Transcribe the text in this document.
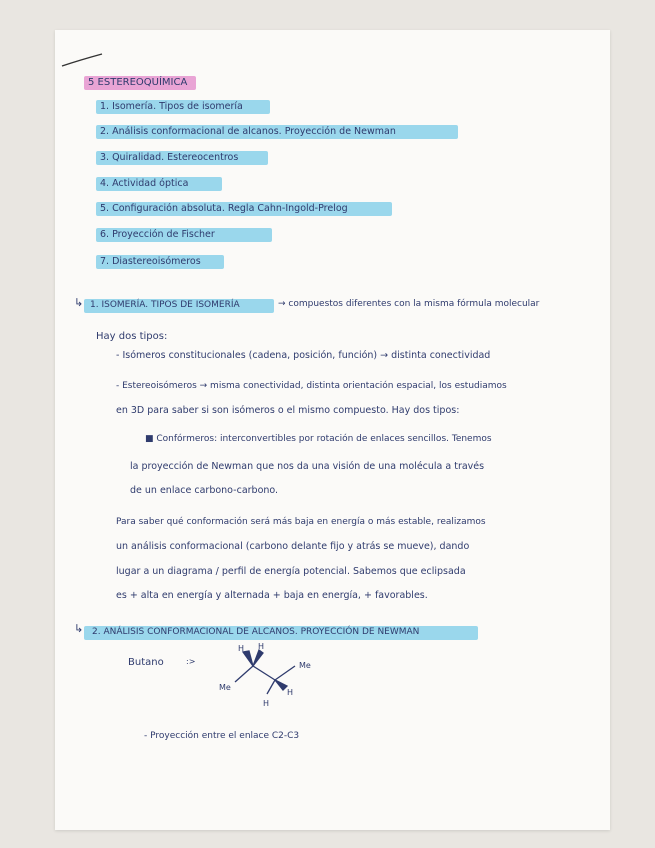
5 ESTEREOQUÍMICA
1. Isomería. Tipos de isomería
2. Análisis conformacional de alcanos. Proyección de Newman
3. Quiralidad. Estereocentros
4. Actividad óptica
5. Configuración absoluta. Regla Cahn-Ingold-Prelog
6. Proyección de Fischer
7. Diastereoisómeros
↳ 1. ISOMERÍA. TIPOS DE ISOMERÍA	→ compuestos diferentes con la misma fórmula molecular
Hay dos tipos:
- Isómeros constitucionales (cadena, posición, función) → distinta conectividad
- Estereoisómeros → misma conectividad, distinta orientación espacial, los estudiamos
en 3D para saber si son isómeros o el mismo compuesto. Hay dos tipos:
■ Confórmeros: interconvertibles por rotación de enlaces sencillos. Tenemos
la proyección de Newman que nos da una visión de una molécula a través
de un enlace carbono-carbono.
Para saber qué conformación será más baja en energía o más estable, realizamos
un análisis conformacional (carbono delante fijo y atrás se mueve), dando
lugar a un diagrama / perfil de energía potencial. Sabemos que eclipsada
es + alta en energía y alternada + baja en energía, + favorables.
↳ 2. ANÁLISIS CONFORMACIONAL DE ALCANOS. PROYECCIÓN DE NEWMAN
Butano	:>
H H
Me
Me
H
H
- Proyección entre el enlace C2-C3
